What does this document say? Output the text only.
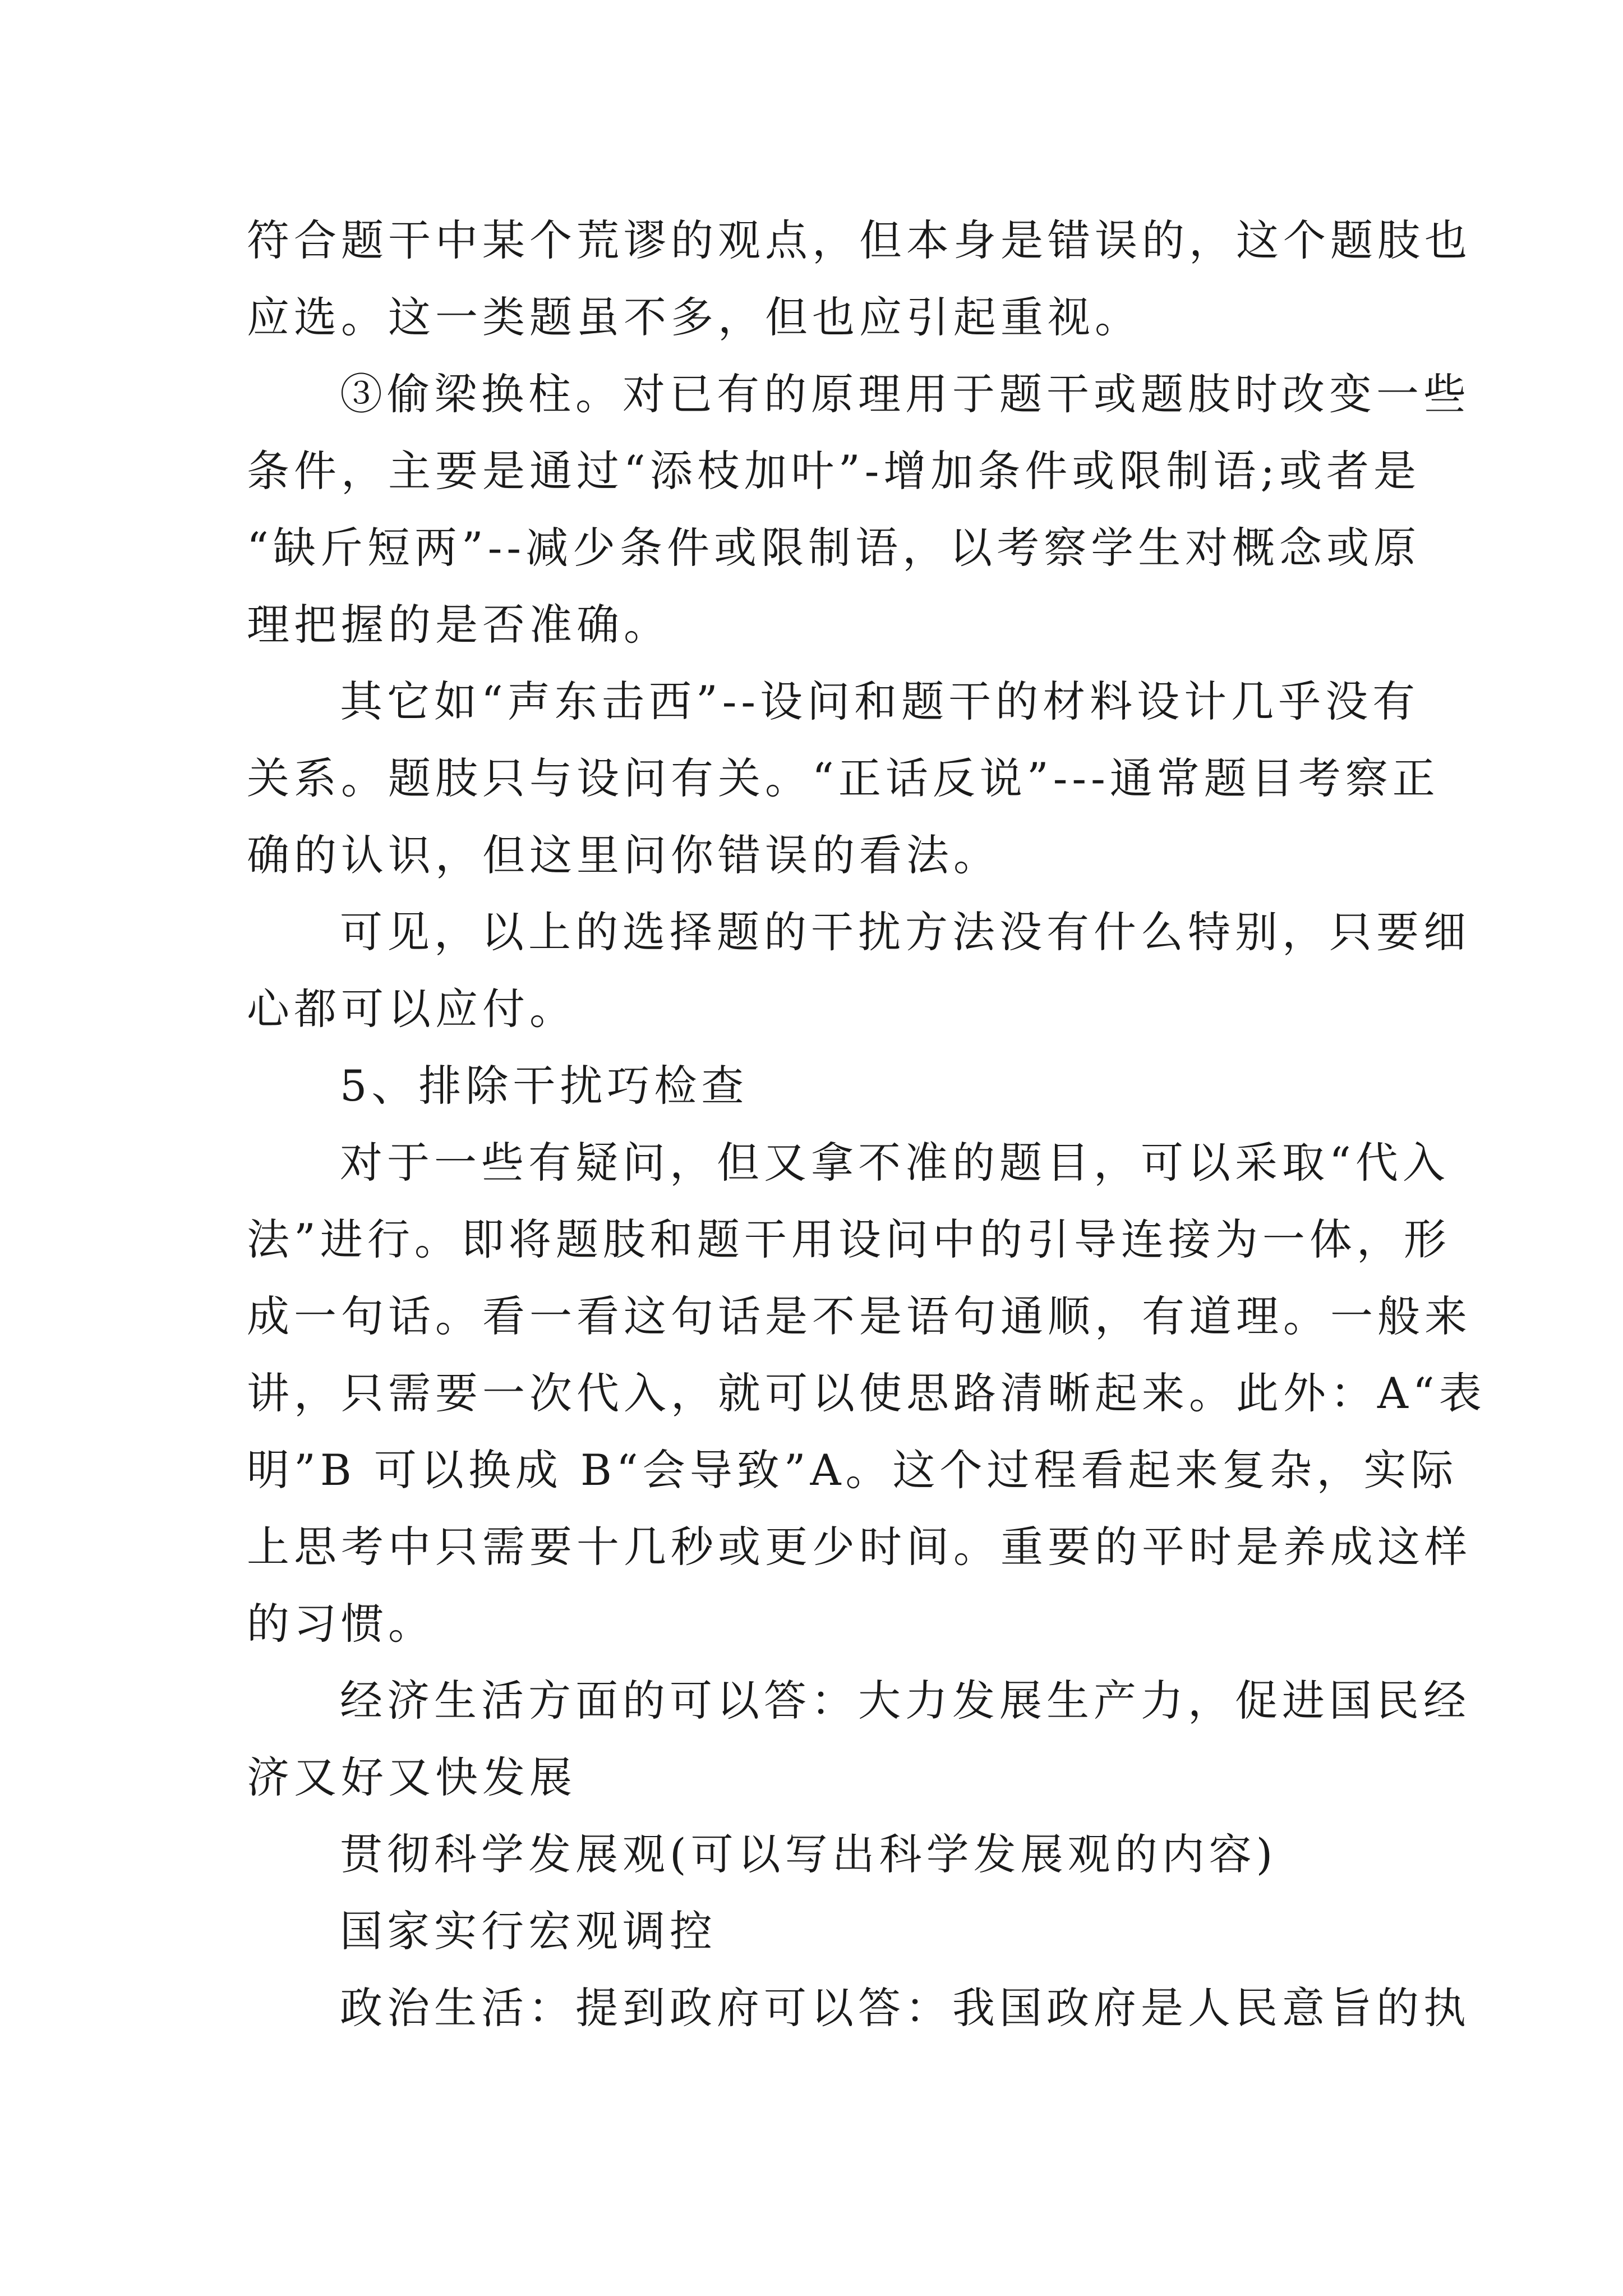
符合题干中某个荒谬的观点，但本身是错误的，这个题肢也
应选。这一类题虽不多，但也应引起重视。
③偷梁换柱。对已有的原理用于题干或题肢时改变一些
条件，主要是通过“添枝加叶”-增加条件或限制语;或者是
“缺斤短两”--减少条件或限制语，以考察学生对概念或原
理把握的是否准确。
其它如“声东击西”--设问和题干的材料设计几乎没有
关系。题肢只与设问有关。“正话反说”---通常题目考察正
确的认识，但这里问你错误的看法。
可见，以上的选择题的干扰方法没有什么特别，只要细
心都可以应付。
5、排除干扰巧检查
对于一些有疑问，但又拿不准的题目，可以采取“代入
法”进行。即将题肢和题干用设问中的引导连接为一体，形
成一句话。看一看这句话是不是语句通顺，有道理。一般来
讲，只需要一次代入，就可以使思路清晰起来。此外：A“表
明”B 可以换成 B“会导致”A。这个过程看起来复杂，实际
上思考中只需要十几秒或更少时间。重要的平时是养成这样
的习惯。
经济生活方面的可以答：大力发展生产力，促进国民经
济又好又快发展
贯彻科学发展观(可以写出科学发展观的内容)
国家实行宏观调控
政治生活：提到政府可以答：我国政府是人民意旨的执
